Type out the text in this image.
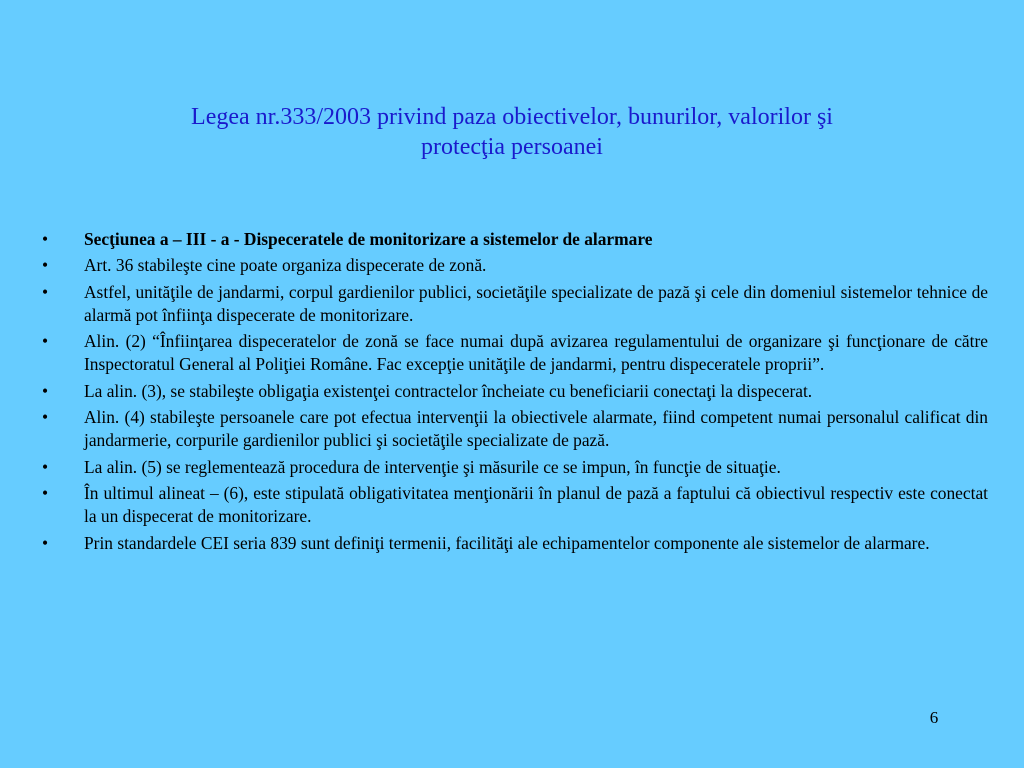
Legea nr.333/2003 privind paza obiectivelor, bunurilor, valorilor şi
protecţia persoanei
•	Secţiunea a – III - a - Dispeceratele de monitorizare a sistemelor de alarmare
•	Art. 36 stabileşte cine poate organiza dispecerate de zonă.
•	Astfel, unităţile de jandarmi, corpul gardienilor publici, societăţile specializate de pază şi cele din domeniul sistemelor tehnice de alarmă pot înfiinţa dispecerate de monitorizare.
•	Alin. (2) “Înfiinţarea dispeceratelor de zonă se face numai după avizarea regulamentului de organizare şi funcţionare de către Inspectoratul General al Poliţiei Române. Fac excepţie unităţile de jandarmi, pentru dispeceratele proprii”.
•	La alin. (3), se stabileşte obligaţia existenţei contractelor încheiate cu beneficiarii conectaţi la dispecerat.
•	Alin. (4) stabileşte persoanele care pot efectua intervenţii la obiectivele alarmate, fiind competent numai personalul calificat din jandarmerie, corpurile gardienilor publici şi societăţile specializate de pază.
•	La alin. (5) se reglementează procedura de intervenţie şi măsurile ce se impun, în funcţie de situaţie.
•	În ultimul alineat – (6), este stipulată obligativitatea menţionării în planul de pază a faptului că obiectivul respectiv este conectat la un dispecerat de monitorizare.
•	Prin standardele CEI seria 839 sunt definiţi termenii, facilităţi ale echipamentelor componente ale sistemelor de alarmare.
6
